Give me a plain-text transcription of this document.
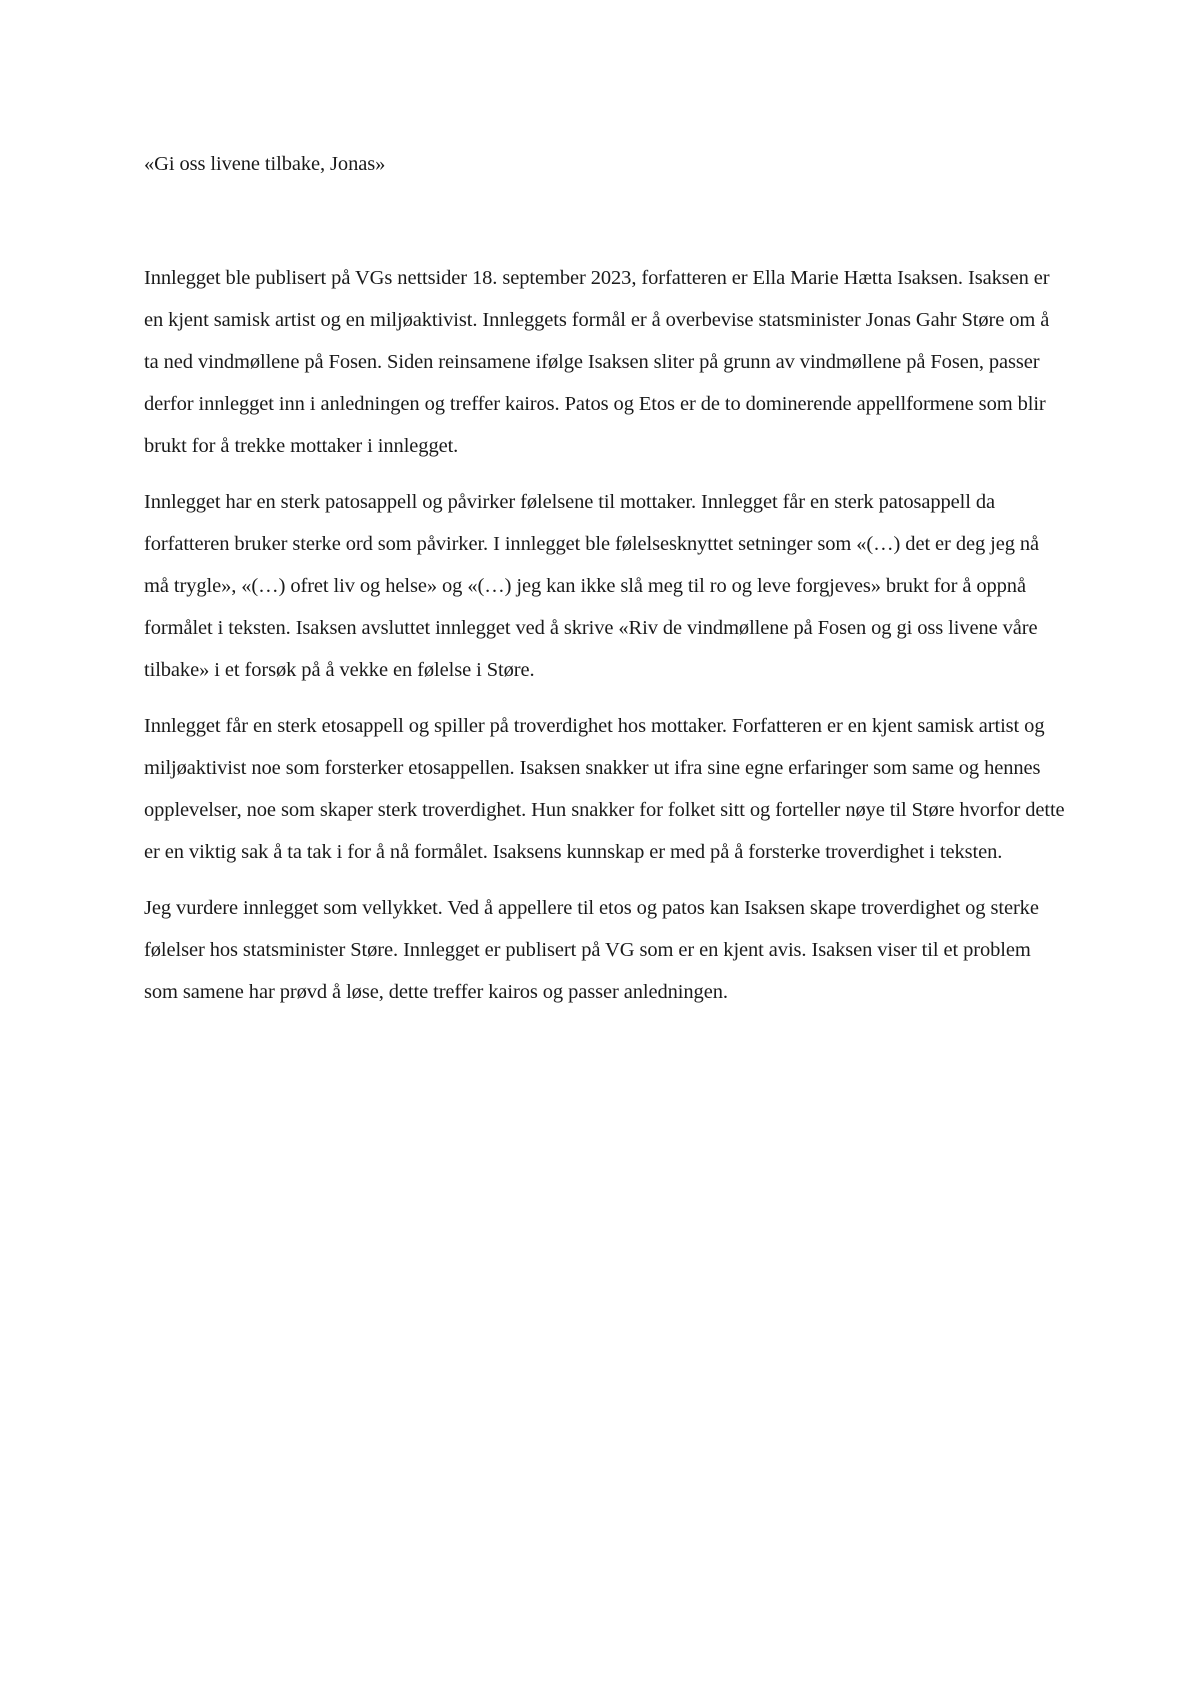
«Gi oss livene tilbake, Jonas»

Innlegget ble publisert på VGs nettsider 18. september 2023, forfatteren er Ella Marie Hætta Isaksen. Isaksen er en kjent samisk artist og en miljøaktivist. Innleggets formål er å overbevise statsminister Jonas Gahr Støre om å ta ned vindmøllene på Fosen. Siden reinsamene ifølge Isaksen sliter på grunn av vindmøllene på Fosen, passer derfor innlegget inn i anledningen og treffer kairos. Patos og Etos er de to dominerende appellformene som blir brukt for å trekke mottaker i innlegget.

Innlegget har en sterk patosappell og påvirker følelsene til mottaker. Innlegget får en sterk patosappell da forfatteren bruker sterke ord som påvirker. I innlegget ble følelsesknyttet setninger som «(…) det er deg jeg nå må trygle», «(…) ofret liv og helse» og «(…) jeg kan ikke slå meg til ro og leve forgjeves» brukt for å oppnå formålet i teksten. Isaksen avsluttet innlegget ved å skrive «Riv de vindmøllene på Fosen og gi oss livene våre tilbake» i et forsøk på å vekke en følelse i Støre.

Innlegget får en sterk etosappell og spiller på troverdighet hos mottaker. Forfatteren er en kjent samisk artist og miljøaktivist noe som forsterker etosappellen. Isaksen snakker ut ifra sine egne erfaringer som same og hennes opplevelser, noe som skaper sterk troverdighet. Hun snakker for folket sitt og forteller nøye til Støre hvorfor dette er en viktig sak å ta tak i for å nå formålet. Isaksens kunnskap er med på å forsterke troverdighet i teksten.

Jeg vurdere innlegget som vellykket. Ved å appellere til etos og patos kan Isaksen skape troverdighet og sterke følelser hos statsminister Støre. Innlegget er publisert på VG som er en kjent avis. Isaksen viser til et problem som samene har prøvd å løse, dette treffer kairos og passer anledningen.
